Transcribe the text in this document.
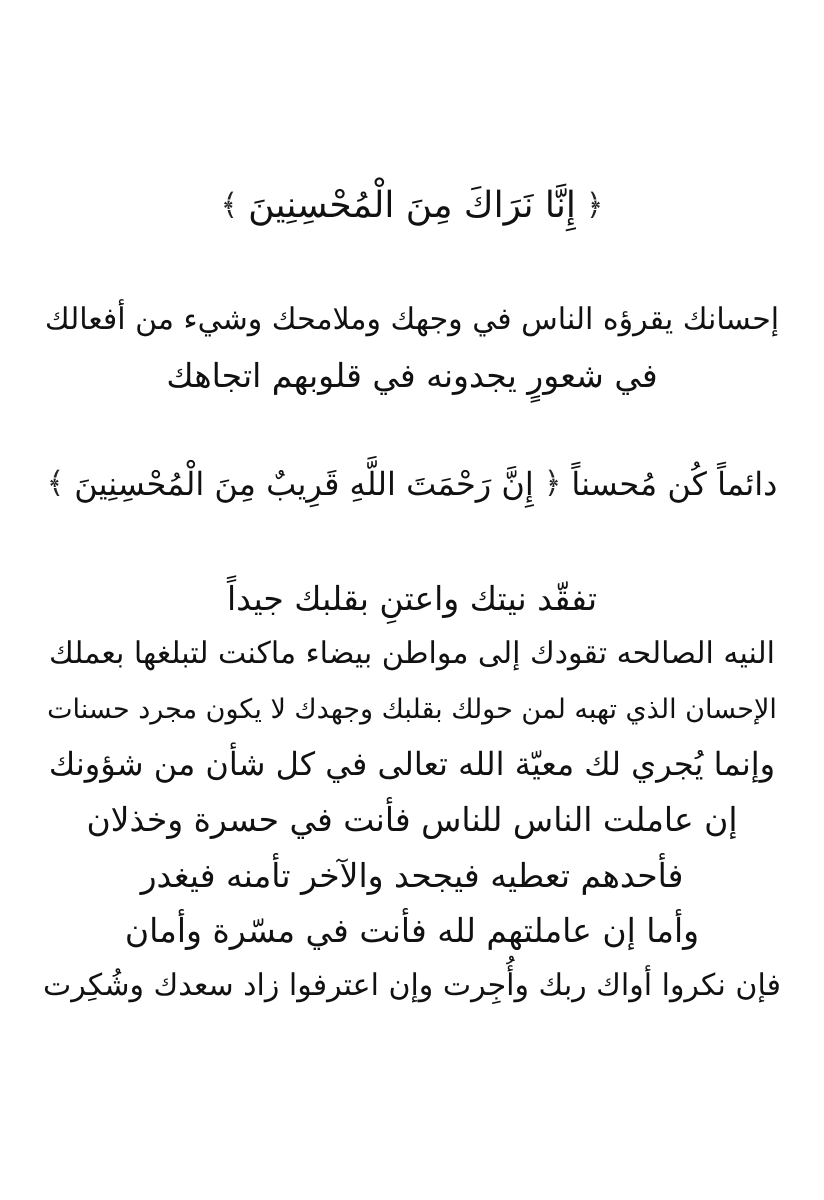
﴿
إِنَّا نَرَاكَ مِنَ الْمُحْسِنِينَ
﴾
إحسانك يقرؤه الناس في وجهك وملامحك وشيء من أفعالك
في شعورٍ يجدونه في قلوبهم اتجاهك
دائماً كُن مُحسناً
﴿
إِنَّ رَحْمَتَ اللَّهِ قَرِيبٌ مِنَ الْمُحْسِنِينَ
﴾
تفقّد نيتك واعتنِ بقلبك جيداً
النيه الصالحه تقودك إلى مواطن بيضاء ماكنت لتبلغها بعملك
الإحسان الذي تهبه لمن حولك بقلبك وجهدك لا يكون مجرد حسنات
وإنما يُجري لك معيّة الله تعالى في كل شأن من شؤونك
إن عاملت الناس للناس فأنت في حسرة وخذلان
فأحدهم تعطيه فيجحد والآخر تأمنه فيغدر
وأما إن عاملتهم لله فأنت في مسّرة وأمان
فإن نكروا أواك ربك وأُجِرت وإن اعترفوا زاد سعدك وشُكِرت
